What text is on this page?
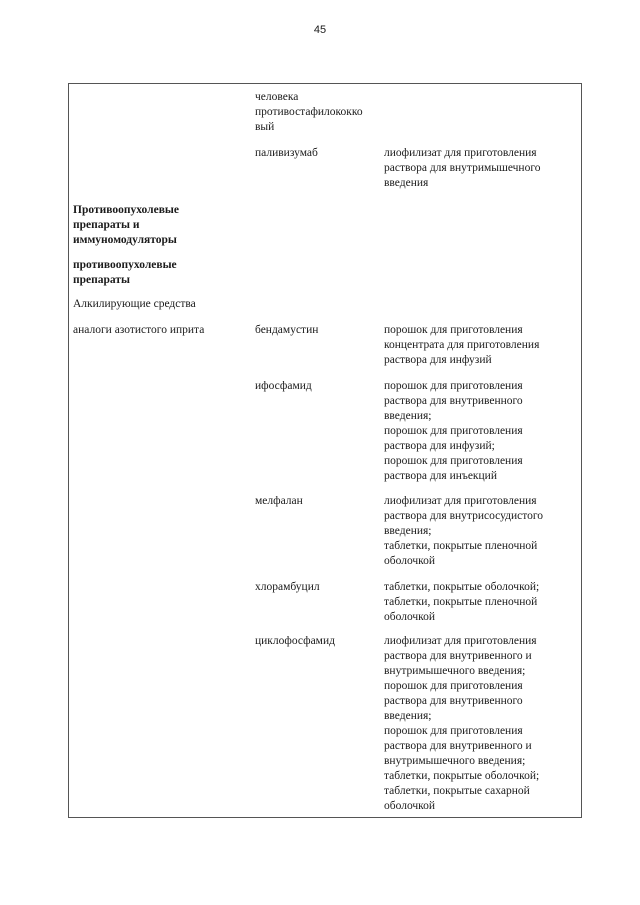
45
человека
противостафилококко
вый
паливизумаб	лиофилизат для приготовления
раствора для внутримышечного
введения
Противоопухолевые
препараты и
иммуномодуляторы
противоопухолевые
препараты
Алкилирующие средства
аналоги азотистого иприта	бендамустин	порошок для приготовления
концентрата для приготовления
раствора для инфузий
ифосфамид	порошок для приготовления
раствора для внутривенного
введения;
порошок для приготовления
раствора для инфузий;
порошок для приготовления
раствора для инъекций
мелфалан	лиофилизат для приготовления
раствора для внутрисосудистого
введения;
таблетки, покрытые пленочной
оболочкой
хлорамбуцил	таблетки, покрытые оболочкой;
таблетки, покрытые пленочной
оболочкой
циклофосфамид	лиофилизат для приготовления
раствора для внутривенного и
внутримышечного введения;
порошок для приготовления
раствора для внутривенного
введения;
порошок для приготовления
раствора для внутривенного и
внутримышечного введения;
таблетки, покрытые оболочкой;
таблетки, покрытые сахарной
оболочкой
